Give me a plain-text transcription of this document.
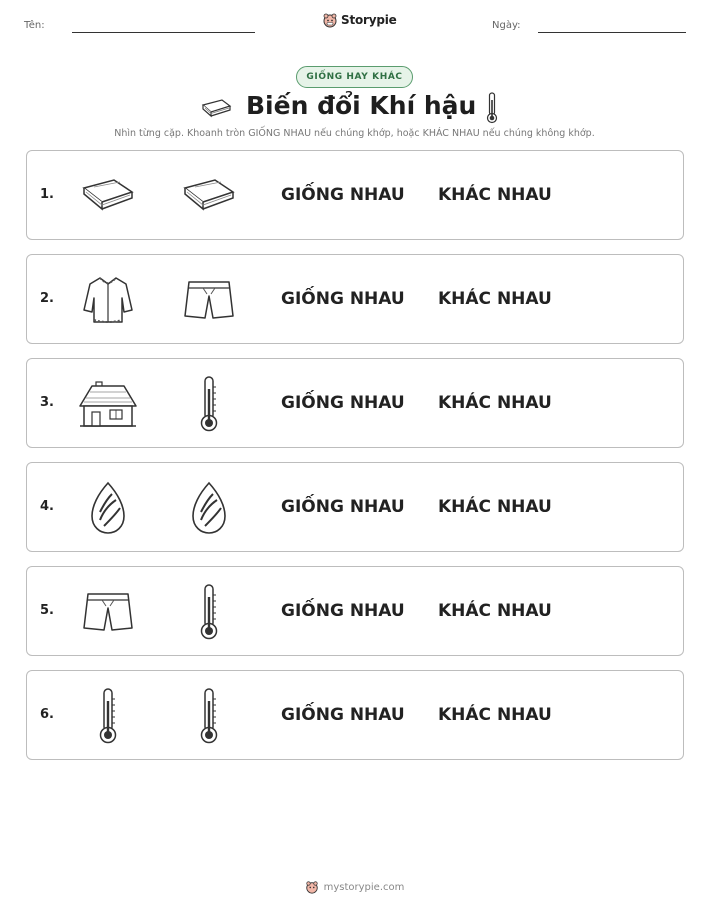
Tên:	Storypie	Ngày:
GIỐNG HAY KHÁC
Biến đổi Khí hậu
Nhìn từng cặp. Khoanh tròn GIỐNG NHAU nếu chúng khớp, hoặc KHÁC NHAU nếu chúng không khớp.
1.	GIỐNG NHAU KHÁC NHAU
2.	GIỐNG NHAU KHÁC NHAU
3.	GIỐNG NHAU KHÁC NHAU
4.	GIỐNG NHAU KHÁC NHAU
5.	GIỐNG NHAU KHÁC NHAU
6.	GIỐNG NHAU KHÁC NHAU
mystorypie.com
